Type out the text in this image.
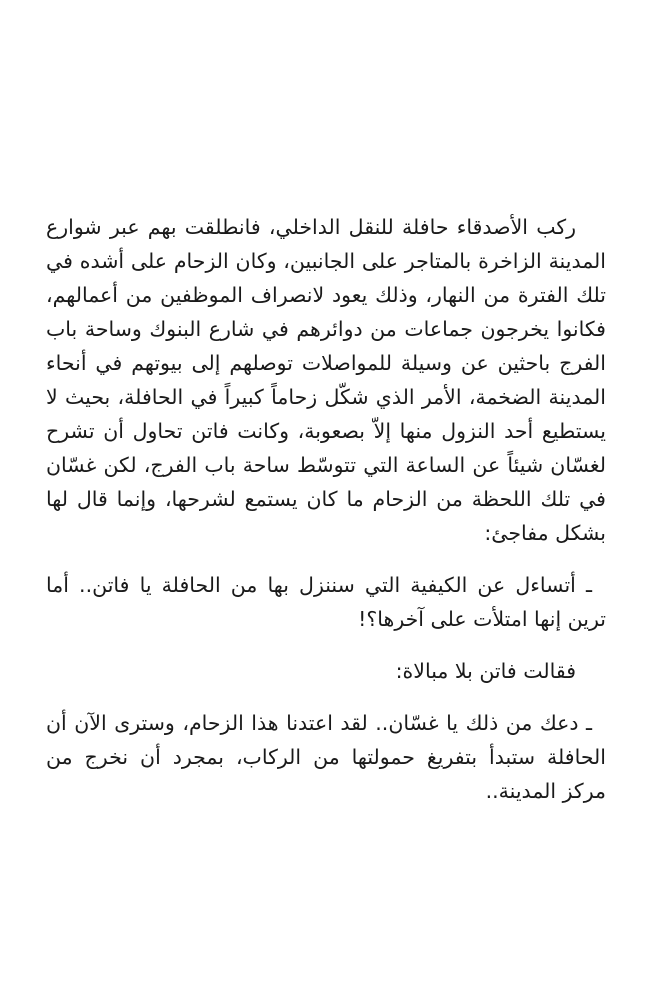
ركب الأصدقاء حافلة للنقل الداخلي، فانطلقت بهم عبر شوارع المدينة الزاخرة بالمتاجر على الجانبين، وكان الزحام على أشده في تلك الفترة من النهار، وذلك يعود لانصراف الموظفين من أعمالهم، فكانوا يخرجون جماعات من دوائرهم في شارع البنوك وساحة باب الفرج باحثين عن وسيلة للمواصلات توصلهم إلى بيوتهم في أنحاء المدينة الضخمة، الأمر الذي شكّل زحاماً كبيراً في الحافلة، بحيث لا يستطيع أحد النزول منها إلاّ بصعوبة، وكانت فاتن تحاول أن تشرح لغسّان شيئاً عن الساعة التي تتوسّط ساحة باب الفرج، لكن غسّان في تلك اللحظة من الزحام ما كان يستمع لشرحها، وإنما قال لها بشكل مفاجئ:

ـ أتساءل عن الكيفية التي سننزل بها من الحافلة يا فاتن.. أما ترين إنها امتلأت على آخرها؟!

فقالت فاتن بلا مبالاة:

ـ دعك من ذلك يا غسّان.. لقد اعتدنا هذا الزحام، وسترى الآن أن الحافلة ستبدأ بتفريغ حمولتها من الركاب، بمجرد أن نخرج من مركز المدينة..
